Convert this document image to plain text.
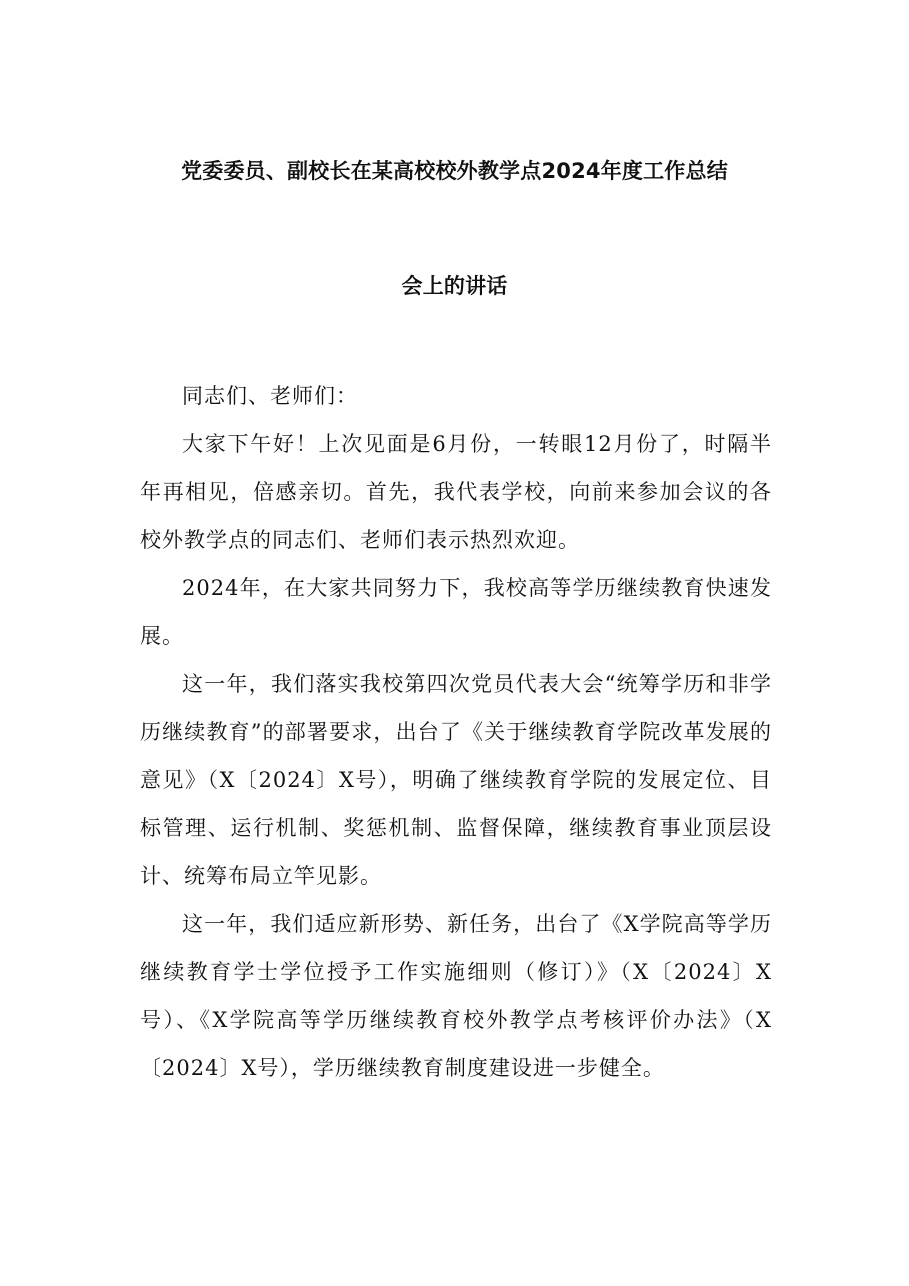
党委委员、副校长在某高校校外教学点2024年度工作总结
会上的讲话

同志们、老师们：

大家下午好！上次见面是6月份，一转眼12月份了，时隔半年再相见，倍感亲切。首先，我代表学校，向前来参加会议的各校外教学点的同志们、老师们表示热烈欢迎。

2024年，在大家共同努力下，我校高等学历继续教育快速发展。

这一年，我们落实我校第四次党员代表大会“统筹学历和非学历继续教育”的部署要求，出台了《关于继续教育学院改革发展的意见》（X〔2024〕X号），明确了继续教育学院的发展定位、目标管理、运行机制、奖惩机制、监督保障，继续教育事业顶层设计、统筹布局立竿见影。

这一年，我们适应新形势、新任务，出台了《X学院高等学历继续教育学士学位授予工作实施细则（修订）》（X〔2024〕X号）、《X学院高等学历继续教育校外教学点考核评价办法》（X〔2024〕X号），学历继续教育制度建设进一步健全。
